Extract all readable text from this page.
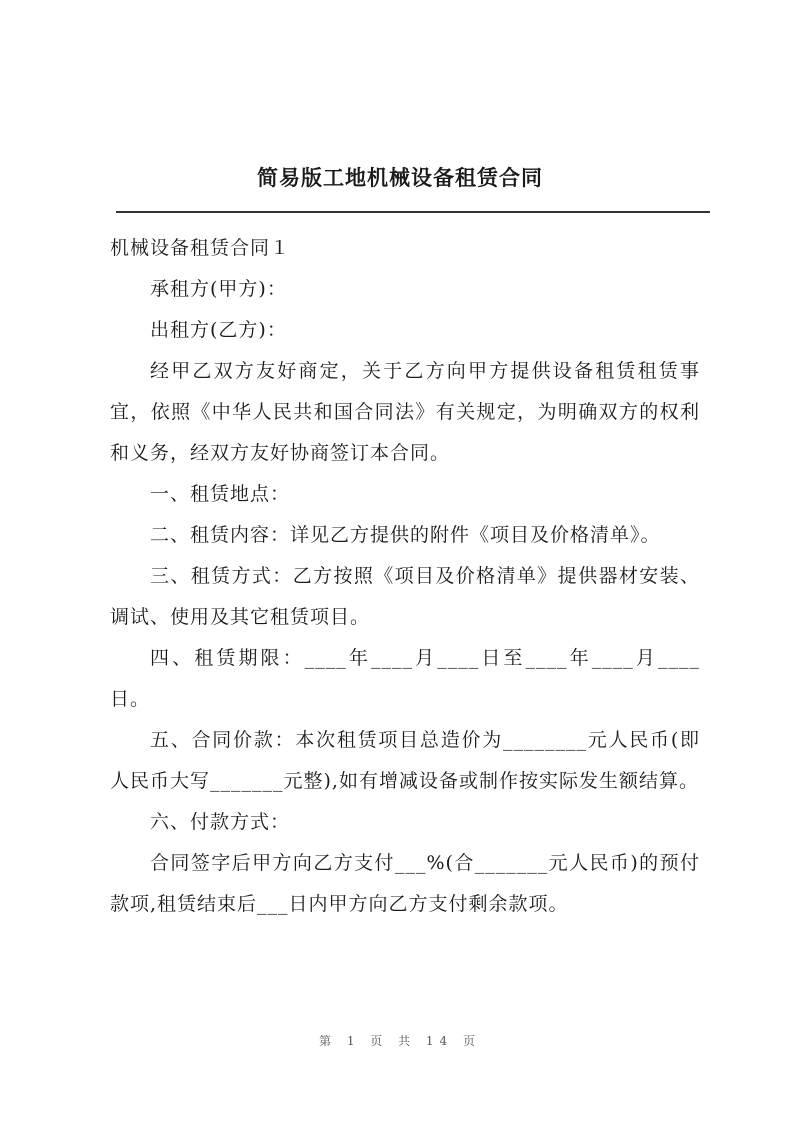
简易版工地机械设备租赁合同

机械设备租赁合同１

承租方(甲方)：

出租方(乙方)：

经甲乙双方友好商定，关于乙方向甲方提供设备租赁租赁事宜，依照《中华人民共和国合同法》有关规定，为明确双方的权利和义务，经双方友好协商签订本合同。

一、租赁地点：

二、租赁内容：详见乙方提供的附件《项目及价格清单》。

三、租赁方式：乙方按照《项目及价格清单》提供器材安装、调试、使用及其它租赁项目。

四、租赁期限：____年____月____日至____年____月____日。

五、合同价款：本次租赁项目总造价为________元人民币(即人民币大写_______元整),如有增减设备或制作按实际发生额结算。

六、付款方式：

合同签字后甲方向乙方支付___%(合_______元人民币)的预付款项,租赁结束后___日内甲方向乙方支付剩余款项。

第 1 页 共 14 页
